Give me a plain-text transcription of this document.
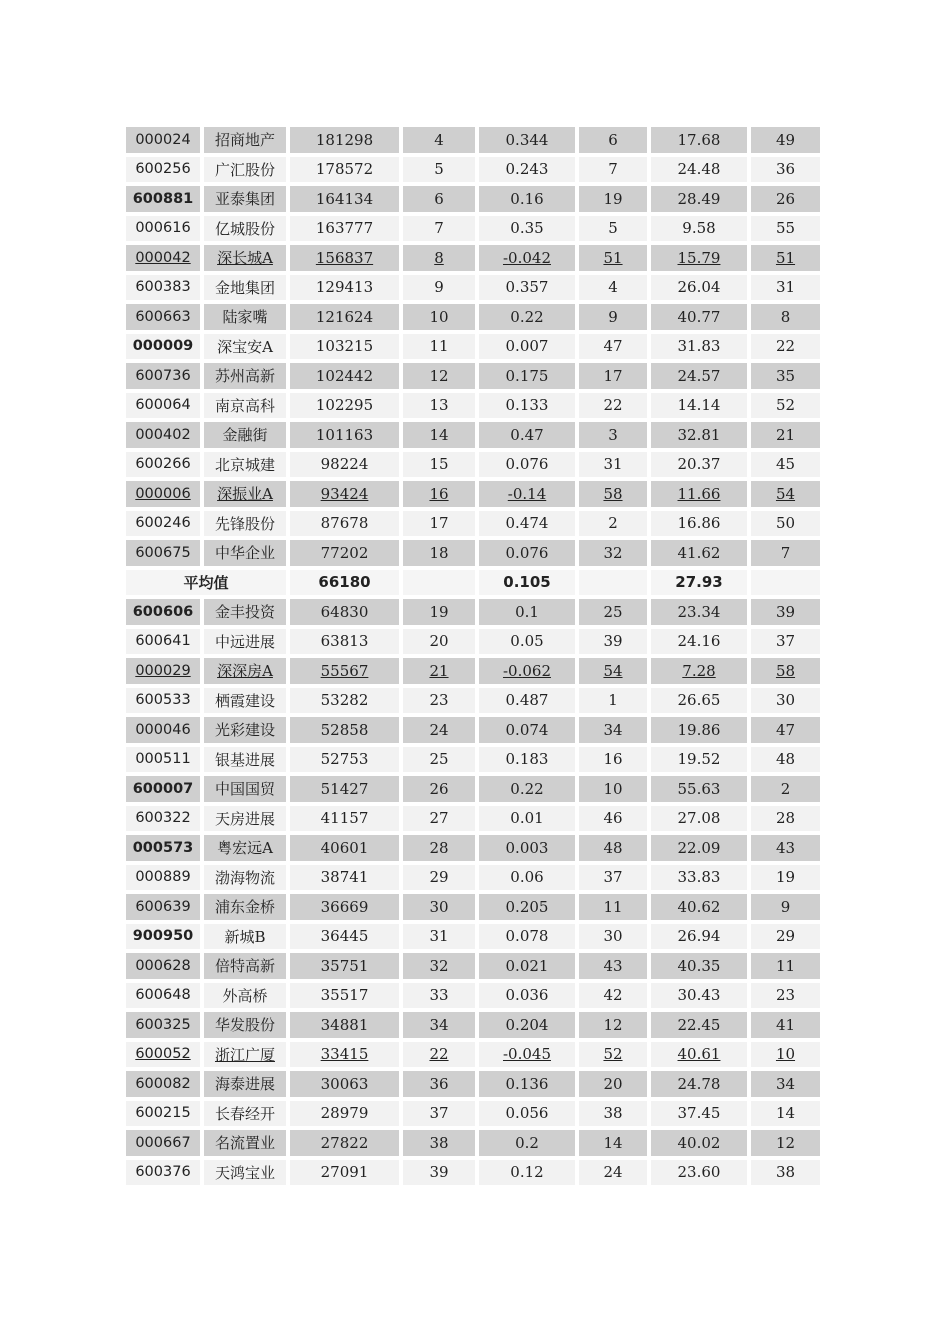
000024	招商地产	181298	4	0.344	6	17.68	49
600256	广汇股份	178572	5	0.243	7	24.48	36
600881	亚泰集团	164134	6	0.16	19	28.49	26
000616	亿城股份	163777	7	0.35	5	9.58	55
000042	深长城A	156837	8	-0.042	51	15.79	51
600383	金地集团	129413	9	0.357	4	26.04	31
600663	陆家嘴	121624	10	0.22	9	40.77	8
000009	深宝安A	103215	11	0.007	47	31.83	22
600736	苏州高新	102442	12	0.175	17	24.57	35
600064	南京高科	102295	13	0.133	22	14.14	52
000402	金融街	101163	14	0.47	3	32.81	21
600266	北京城建	98224	15	0.076	31	20.37	45
000006	深振业A	93424	16	-0.14	58	11.66	54
600246	先锋股份	87678	17	0.474	2	16.86	50
600675	中华企业	77202	18	0.076	32	41.62	7
平均值		66180		0.105		27.93	
600606	金丰投资	64830	19	0.1	25	23.34	39
600641	中远进展	63813	20	0.05	39	24.16	37
000029	深深房A	55567	21	-0.062	54	7.28	58
600533	栖霞建设	53282	23	0.487	1	26.65	30
000046	光彩建设	52858	24	0.074	34	19.86	47
000511	银基进展	52753	25	0.183	16	19.52	48
600007	中国国贸	51427	26	0.22	10	55.63	2
600322	天房进展	41157	27	0.01	46	27.08	28
000573	粤宏远A	40601	28	0.003	48	22.09	43
000889	渤海物流	38741	29	0.06	37	33.83	19
600639	浦东金桥	36669	30	0.205	11	40.62	9
900950	新城B	36445	31	0.078	30	26.94	29
000628	倍特高新	35751	32	0.021	43	40.35	11
600648	外高桥	35517	33	0.036	42	30.43	23
600325	华发股份	34881	34	0.204	12	22.45	41
600052	浙江广厦	33415	22	-0.045	52	40.61	10
600082	海泰进展	30063	36	0.136	20	24.78	34
600215	长春经开	28979	37	0.056	38	37.45	14
000667	名流置业	27822	38	0.2	14	40.02	12
600376	天鸿宝业	27091	39	0.12	24	23.60	38
